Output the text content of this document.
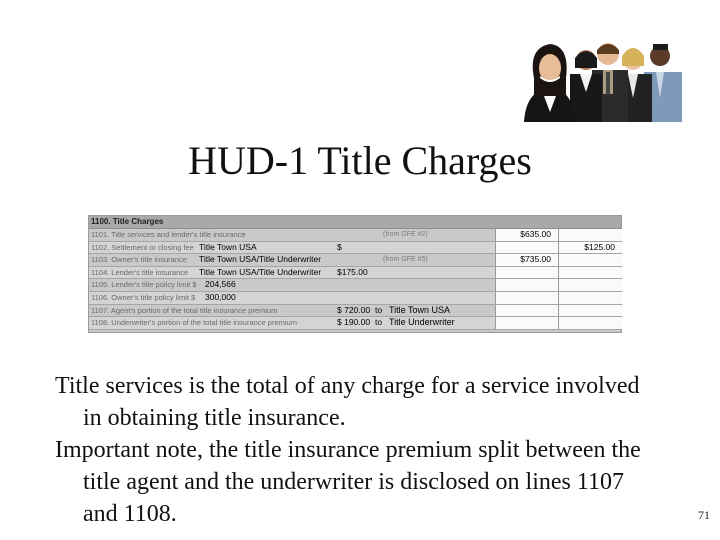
HUD-1 Title Charges
1100. Title Charges
1101. Title services and lender's title insurance	(from GFE #2)	$635.00
1102. Settlement or closing fee Title Town USA	$	$125.00
1103. Owner's title insurance Title Town USA/Title Underwriter	(from GFE #5)	$735.00
1104. Lender's title insurance Title Town USA/Title Underwriter $175.00
1105. Lender's title policy limit $ 204,566
1106. Owner's title policy limit $ 300,000
1107. Agent's portion of the total title insurance premium	$ 720.00 to Title Town USA
1108. Underwriter's portion of the total title insurance premium	$ 190.00 to Title Underwriter

Title services is the total of any charge for a service involved in obtaining title insurance.

Important note, the title insurance premium split between the title agent and the underwriter is disclosed on lines 1107 and 1108.	71
